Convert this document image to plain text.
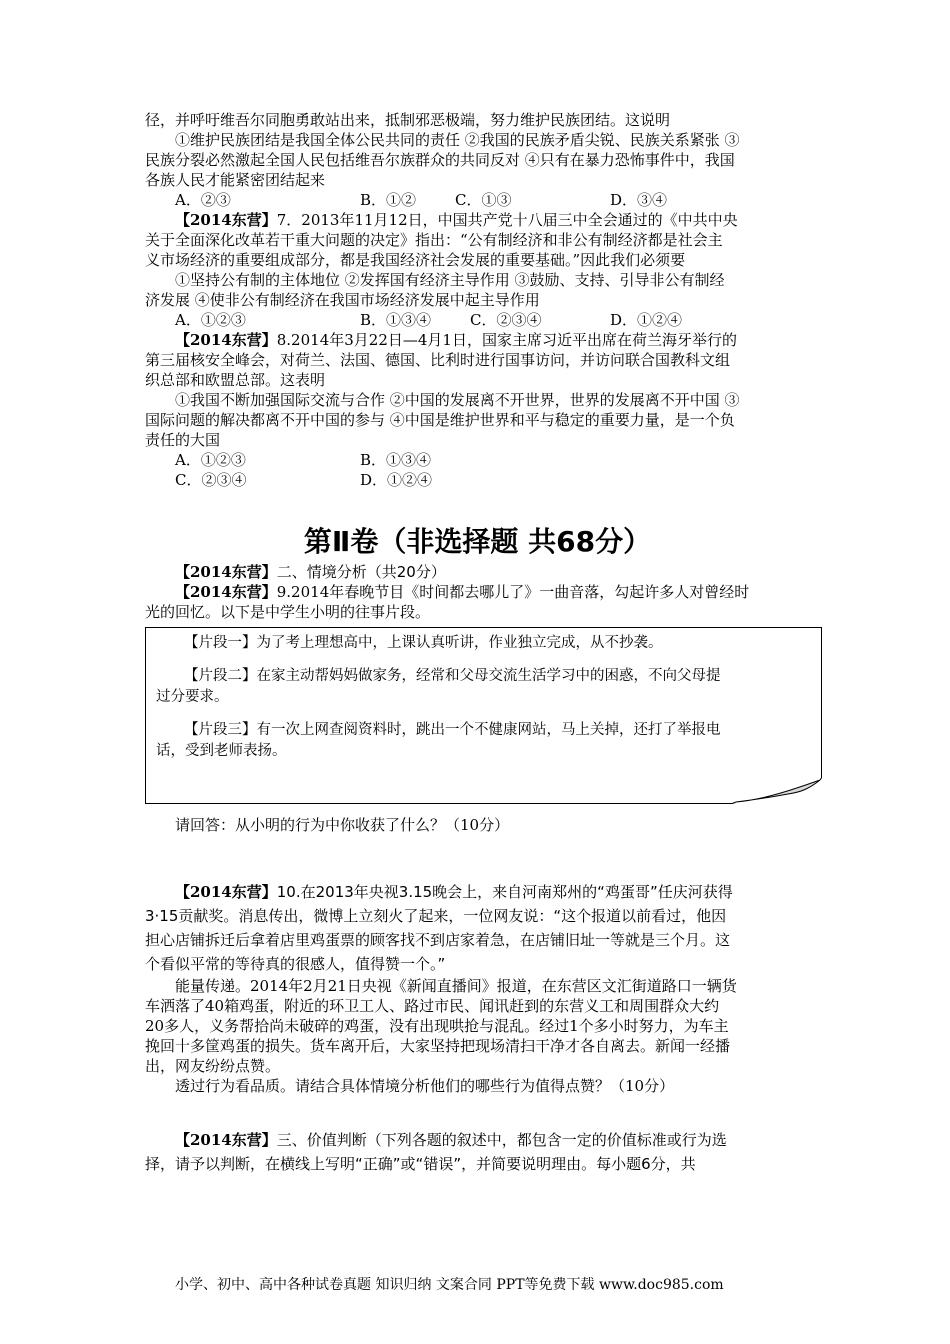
径，并呼吁维吾尔同胞勇敢站出来，抵制邪恶极端，努力维护民族团结。这说明
①维护民族团结是我国全体公民共同的责任 ②我国的民族矛盾尖锐、民族关系紧张 ③
民族分裂必然激起全国人民包括维吾尔族群众的共同反对 ④只有在暴力恐怖事件中，我国
各族人民才能紧密团结起来
A．②③	B．①②	C．①③	D．③④
【2014东营】7．2013年11月12日，中国共产党十八届三中全会通过的《中共中央
关于全面深化改革若干重大问题的决定》指出：“公有制经济和非公有制经济都是社会主
义市场经济的重要组成部分，都是我国经济社会发展的重要基础。”因此我们必须要
①坚持公有制的主体地位 ②发挥国有经济主导作用 ③鼓励、支持、引导非公有制经
济发展 ④使非公有制经济在我国市场经济发展中起主导作用
A．①②③	B．①③④	C．②③④	D．①②④
【2014东营】8.2014年3月22日—4月1日，国家主席习近平出席在荷兰海牙举行的
第三届核安全峰会，对荷兰、法国、德国、比利时进行国事访问，并访问联合国教科文组
织总部和欧盟总部。这表明
①我国不断加强国际交流与合作 ②中国的发展离不开世界，世界的发展离不开中国 ③
国际问题的解决都离不开中国的参与 ④中国是维护世界和平与稳定的重要力量，是一个负
责任的大国
A．①②③	B．①③④
C．②③④	D．①②④
第Ⅱ卷（非选择题 共68分）
【2014东营】二、情境分析（共20分）
【2014东营】9.2014年春晚节目《时间都去哪儿了》一曲音落，勾起许多人对曾经时
光的回忆。以下是中学生小明的往事片段。
【片段一】为了考上理想高中，上课认真听讲，作业独立完成，从不抄袭。
【片段二】在家主动帮妈妈做家务，经常和父母交流生活学习中的困惑，不向父母提
过分要求。
【片段三】有一次上网查阅资料时，跳出一个不健康网站，马上关掉，还打了举报电
话，受到老师表扬。
请回答：从小明的行为中你收获了什么？（10分）
【2014东营】10.在2013年央视3.15晚会上，来自河南郑州的“鸡蛋哥”任庆河获得
3·15贡献奖。消息传出，微博上立刻火了起来，一位网友说：“这个报道以前看过，他因
担心店铺拆迁后拿着店里鸡蛋票的顾客找不到店家着急，在店铺旧址一等就是三个月。这
个看似平常的等待真的很感人，值得赞一个。”
能量传递。2014年2月21日央视《新闻直播间》报道，在东营区文汇街道路口一辆货
车洒落了40箱鸡蛋，附近的环卫工人、路过市民、闻讯赶到的东营义工和周围群众大约
20多人，义务帮拾尚未破碎的鸡蛋，没有出现哄抢与混乱。经过1个多小时努力，为车主
挽回十多筐鸡蛋的损失。货车离开后，大家坚持把现场清扫干净才各自离去。新闻一经播
出，网友纷纷点赞。
透过行为看品质。请结合具体情境分析他们的哪些行为值得点赞？（10分）
【2014东营】三、价值判断（下列各题的叙述中，都包含一定的价值标准或行为选
择，请予以判断，在横线上写明“正确”或“错误”，并简要说明理由。每小题6分，共
小学、初中、高中各种试卷真题 知识归纳 文案合同 PPT等免费下载 www.doc985.com
